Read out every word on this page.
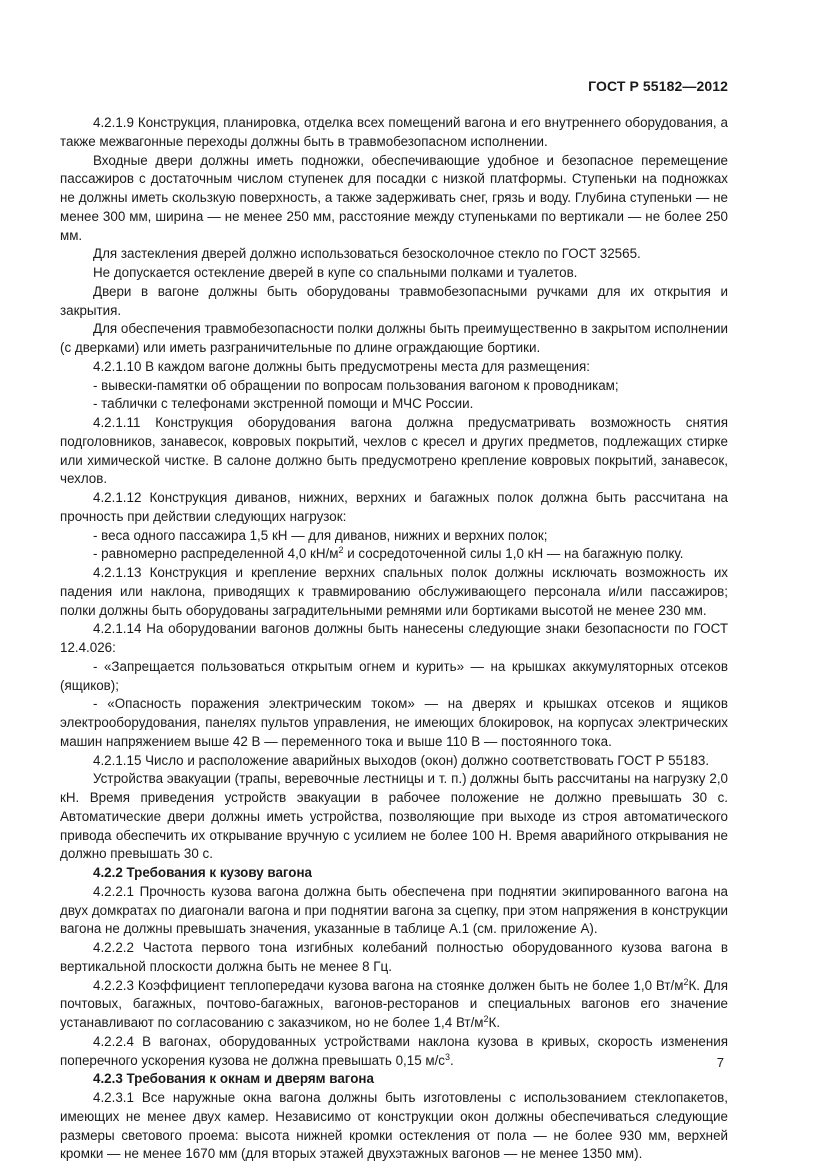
ГОСТ Р 55182—2012

4.2.1.9 Конструкция, планировка, отделка всех помещений вагона и его внутреннего оборудования, а также межвагонные переходы должны быть в травмобезопасном исполнении.

Входные двери должны иметь подножки, обеспечивающие удобное и безопасное перемещение пассажиров с достаточным числом ступенек для посадки с низкой платформы. Ступеньки на подножках не должны иметь скользкую поверхность, а также задерживать снег, грязь и воду. Глубина ступеньки — не менее 300 мм, ширина — не менее 250 мм, расстояние между ступеньками по вертикали — не более 250 мм.

Для застекления дверей должно использоваться безосколочное стекло по ГОСТ 32565.

Не допускается остекление дверей в купе со спальными полками и туалетов.

Двери в вагоне должны быть оборудованы травмобезопасными ручками для их открытия и закрытия.

Для обеспечения травмобезопасности полки должны быть преимущественно в закрытом исполнении (с дверками) или иметь разграничительные по длине ограждающие бортики.

4.2.1.10 В каждом вагоне должны быть предусмотрены места для размещения:

- вывески-памятки об обращении по вопросам пользования вагоном к проводникам;

- таблички с телефонами экстренной помощи и МЧС России.

4.2.1.11 Конструкция оборудования вагона должна предусматривать возможность снятия подголовников, занавесок, ковровых покрытий, чехлов с кресел и других предметов, подлежащих стирке или химической чистке. В салоне должно быть предусмотрено крепление ковровых покрытий, занавесок, чехлов.

4.2.1.12 Конструкция диванов, нижних, верхних и багажных полок должна быть рассчитана на прочность при действии следующих нагрузок:

- веса одного пассажира 1,5 кН — для диванов, нижних и верхних полок;

- равномерно распределенной 4,0 $кН/м^2$ и сосредоточенной силы 1,0 кН — на багажную полку.

4.2.1.13 Конструкция и крепление верхних спальных полок должны исключать возможность их падения или наклона, приводящих к травмированию обслуживающего персонала и/или пассажиров; полки должны быть оборудованы заградительными ремнями или бортиками высотой не менее 230 мм.

4.2.1.14 На оборудовании вагонов должны быть нанесены следующие знаки безопасности по ГОСТ 12.4.026:

- «Запрещается пользоваться открытым огнем и курить» — на крышках аккумуляторных отсеков (ящиков);

- «Опасность поражения электрическим током» — на дверях и крышках отсеков и ящиков электрооборудования, панелях пультов управления, не имеющих блокировок, на корпусах электрических машин напряжением выше 42 В — переменного тока и выше 110 В — постоянного тока.

4.2.1.15 Число и расположение аварийных выходов (окон) должно соответствовать ГОСТ Р 55183.

Устройства эвакуации (трапы, веревочные лестницы и т. п.) должны быть рассчитаны на нагрузку 2,0 кН. Время приведения устройств эвакуации в рабочее положение не должно превышать 30 с. Автоматические двери должны иметь устройства, позволяющие при выходе из строя автоматического привода обеспечить их открывание вручную с усилием не более 100 Н. Время аварийного открывания не должно превышать 30 с.

4.2.2 Требования к кузову вагона

4.2.2.1 Прочность кузова вагона должна быть обеспечена при поднятии экипированного вагона на двух домкратах по диагонали вагона и при поднятии вагона за сцепку, при этом напряжения в конструкции вагона не должны превышать значения, указанные в таблице А.1 (см. приложение А).

4.2.2.2 Частота первого тона изгибных колебаний полностью оборудованного кузова вагона в вертикальной плоскости должна быть не менее 8 Гц.

4.2.2.3 Коэффициент теплопередачи кузова вагона на стоянке должен быть не более 1,0 $Вт/м^2К$. Для почтовых, багажных, почтово-багажных, вагонов-ресторанов и специальных вагонов его значение устанавливают по согласованию с заказчиком, но не более 1,4 $Вт/м^2К$.

4.2.2.4 В вагонах, оборудованных устройствами наклона кузова в кривых, скорость изменения поперечного ускорения кузова не должна превышать 0,15 $м/с^3$.

4.2.3 Требования к окнам и дверям вагона

4.2.3.1 Все наружные окна вагона должны быть изготовлены с использованием стеклопакетов, имеющих не менее двух камер. Независимо от конструкции окон должны обеспечиваться следующие размеры светового проема: высота нижней кромки остекления от пола — не более 930 мм, верхней кромки — не менее 1670 мм (для вторых этажей двухэтажных вагонов — не менее 1350 мм).

7
